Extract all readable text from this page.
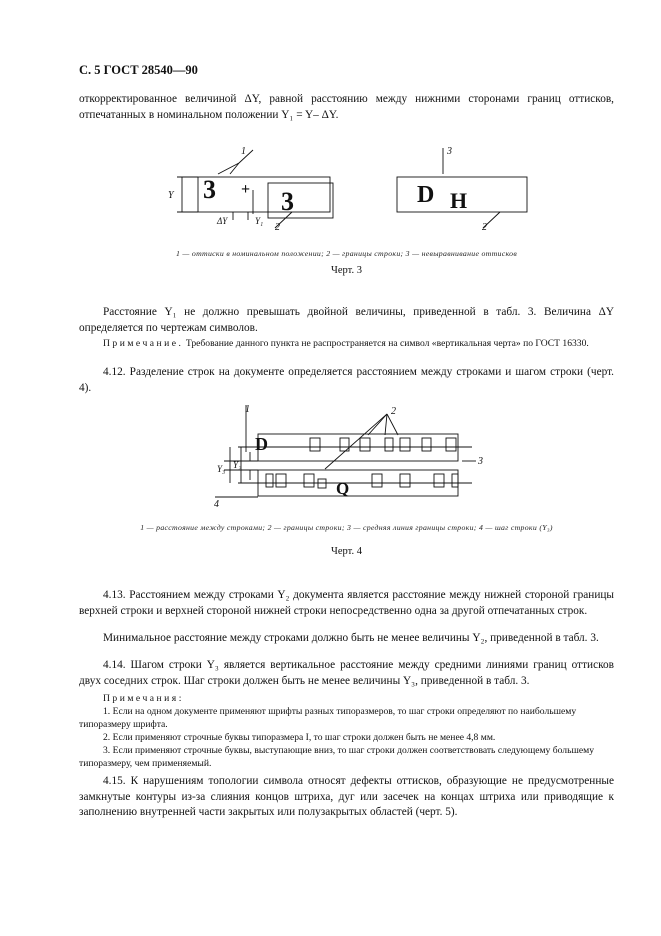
С. 5 ГОСТ 28540—90
откорректированное величиной ΔY, равной расстоянию между нижними сторонами границ оттисков, отпечатанных в номинальном положении Y₁ = Y– ΔY.
3 + 3	D H
1
2
3
2
Y
ΔY	Y₁
1 — оттиски в номинальном положении; 2 — границы строки; 3 — невыравнивание оттисков
Черт. 3
Расстояние Y₁ не должно превышать двойной величины, приведенной в табл. 3. Величина ΔY определяется по чертежам символов.
Примечание. Требование данного пункта не распространяется на символ «вертикальная черта» по ГОСТ 16330.
4.12. Разделение строк на документе определяется расстоянием между строками и шагом строки (черт. 4).
D
Q
1	2
3
4
Y₃ Y₂
1 — расстояние между строками; 2 — границы строки; 3 — средняя линия границы строки; 4 — шаг строки (Y₃)
Черт. 4
4.13. Расстоянием между строками Y₂ документа является расстояние между нижней стороной границы верхней строки и верхней стороной нижней строки непосредственно одна за другой отпечатанных строк.
Минимальное расстояние между строками должно быть не менее величины Y₂, приведенной в табл. 3.
4.14. Шагом строки Y₃ является вертикальное расстояние между средними линиями границ оттисков двух соседних строк. Шаг строки должен быть не менее величины Y₃, приведенной в табл. 3.
Примечания:
1. Если на одном документе применяют шрифты разных типоразмеров, то шаг строки определяют по наибольшему типоразмеру шрифта.
2. Если применяют строчные буквы типоразмера I, то шаг строки должен быть не менее 4,8 мм.
3. Если применяют строчные буквы, выступающие вниз, то шаг строки должен соответствовать следующему большему типоразмеру, чем применяемый.
4.15. К нарушениям топологии символа относят дефекты оттисков, образующие не предусмотренные замкнутые контуры из-за слияния концов штриха, дуг или засечек на концах штриха или приводящие к заполнению внутренней части закрытых или полузакрытых областей (черт. 5).
